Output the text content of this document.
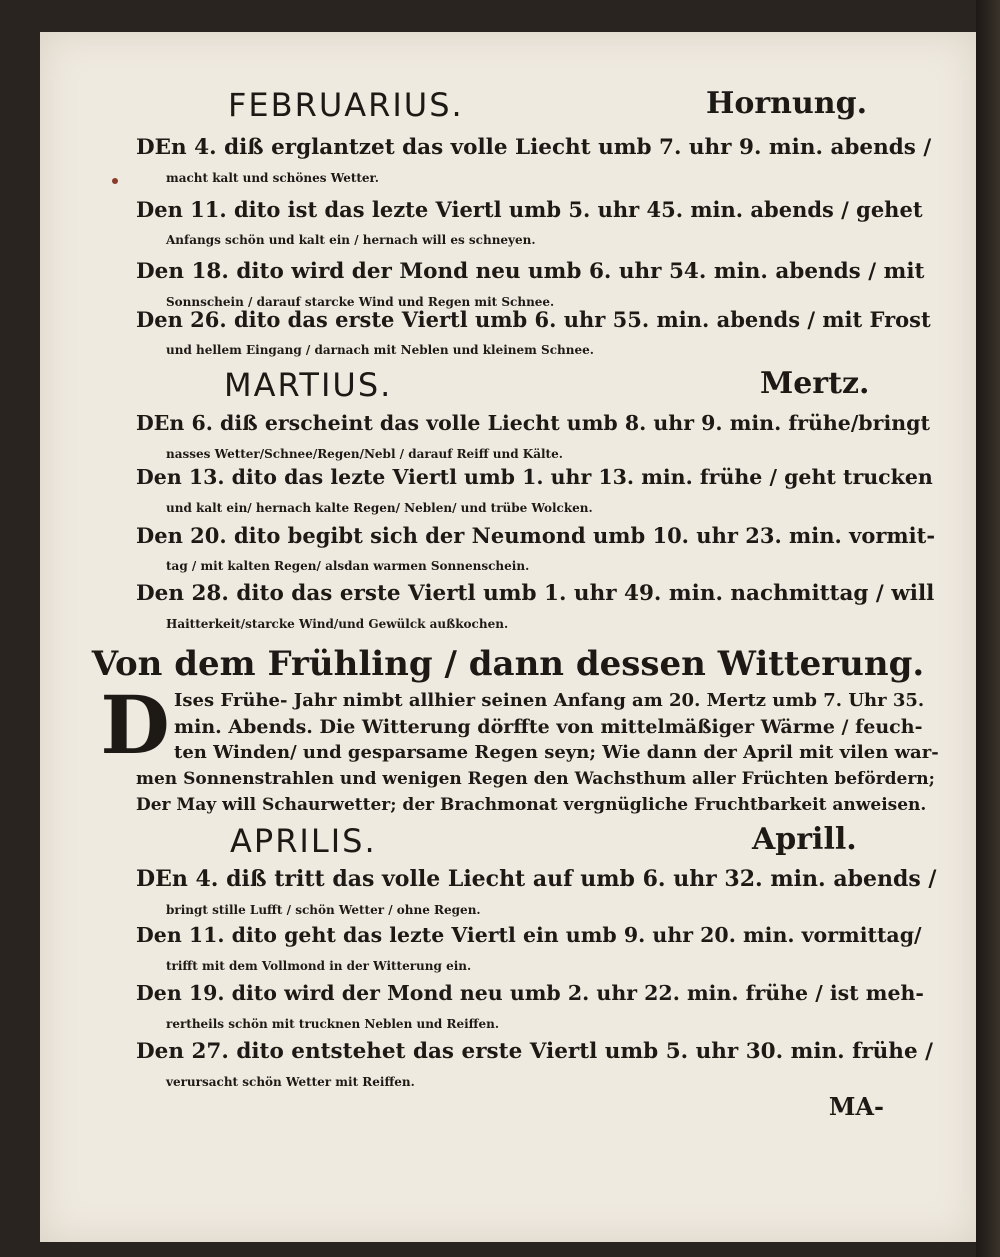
FEBRUARIUS.	Hornung.
DEn 4. diß erglantzet das volle Liecht umb 7. uhr 9. min. abends /
macht kalt und schönes Wetter.
Den 11. dito ist das lezte Viertl umb 5. uhr 45. min. abends / gehet
Anfangs schön und kalt ein / hernach will es schneyen.
Den 18. dito wird der Mond neu umb 6. uhr 54. min. abends / mit
Sonnschein / darauf starcke Wind und Regen mit Schnee.
Den 26. dito das erste Viertl umb 6. uhr 55. min. abends / mit Frost
und hellem Eingang / darnach mit Neblen und kleinem Schnee.
MARTIUS.	Mertz.
DEn 6. diß erscheint das volle Liecht umb 8. uhr 9. min. frühe/bringt
nasses Wetter/Schnee/Regen/Nebl / darauf Reiff und Kälte.
Den 13. dito das lezte Viertl umb 1. uhr 13. min. frühe / geht trucken
und kalt ein/ hernach kalte Regen/ Neblen/ und trübe Wolcken.
Den 20. dito begibt sich der Neumond umb 10. uhr 23. min. vormit-
tag / mit kalten Regen/ alsdan warmen Sonnenschein.
Den 28. dito das erste Viertl umb 1. uhr 49. min. nachmittag / will
Haitterkeit/starcke Wind/und Gewülck außkochen.
Von dem Frühling / dann dessen Witterung.
D Ises Frühe- Jahr nimbt allhier seinen Anfang am 20. Mertz umb 7. Uhr 35.
min. Abends. Die Witterung dörffte von mittelmäßiger Wärme / feuch-
ten Winden/ und gesparsame Regen seyn; Wie dann der April mit vilen war-
men Sonnenstrahlen und wenigen Regen den Wachsthum aller Früchten befördern;
Der May will Schaurwetter; der Brachmonat vergnügliche Fruchtbarkeit anweisen.
APRILIS.	Aprill.
DEn 4. diß tritt das volle Liecht auf umb 6. uhr 32. min. abends /
bringt stille Lufft / schön Wetter / ohne Regen.
Den 11. dito geht das lezte Viertl ein umb 9. uhr 20. min. vormittag/
trifft mit dem Vollmond in der Witterung ein.
Den 19. dito wird der Mond neu umb 2. uhr 22. min. frühe / ist meh-
rertheils schön mit trucknen Neblen und Reiffen.
Den 27. dito entstehet das erste Viertl umb 5. uhr 30. min. frühe /
verursacht schön Wetter mit Reiffen.
MA-
